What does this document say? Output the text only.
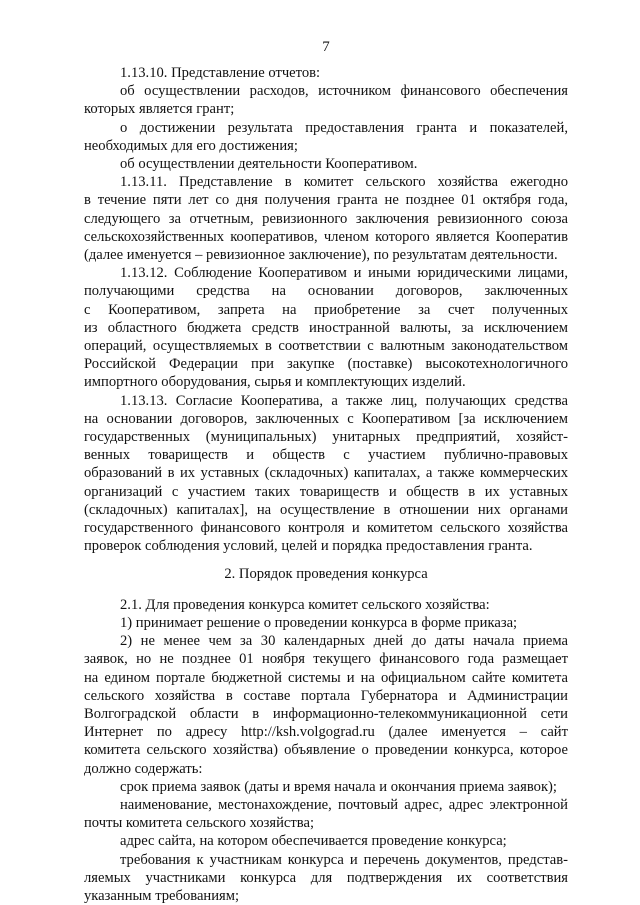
7
1.13.10. Представление отчетов:
об осуществлении расходов, источником финансового обеспечения
которых является грант;
о достижении результата предоставления гранта и показателей,
необходимых для его достижения;
об осуществлении деятельности Кооперативом.
1.13.11. Представление в комитет сельского хозяйства ежегодно
в течение пяти лет со дня получения гранта не позднее 01 октября года,
следующего за отчетным, ревизионного заключения ревизионного союза
сельскохозяйственных кооперативов, членом которого является Кооператив
(далее именуется – ревизионное заключение), по результатам деятельности.
1.13.12. Соблюдение Кооперативом и иными юридическими лицами,
получающими средства на основании договоров, заключенных
с Кооперативом, запрета на приобретение за счет полученных
из областного бюджета средств иностранной валюты, за исключением
операций, осуществляемых в соответствии с валютным законодательством
Российской Федерации при закупке (поставке) высокотехнологичного
импортного оборудования, сырья и комплектующих изделий.
1.13.13. Согласие Кооператива, а также лиц, получающих средства
на основании договоров, заключенных с Кооперативом [за исключением
государственных (муниципальных) унитарных предприятий, хозяйст-
венных товариществ и обществ с участием публично-правовых
образований в их уставных (складочных) капиталах, а также коммерческих
организаций с участием таких товариществ и обществ в их уставных
(складочных) капиталах], на осуществление в отношении них органами
государственного финансового контроля и комитетом сельского хозяйства
проверок соблюдения условий, целей и порядка предоставления гранта.
2. Порядок проведения конкурса
2.1. Для проведения конкурса комитет сельского хозяйства:
1) принимает решение о проведении конкурса в форме приказа;
2) не менее чем за 30 календарных дней до даты начала приема
заявок, но не позднее 01 ноября текущего финансового года размещает
на едином портале бюджетной системы и на официальном сайте комитета
сельского хозяйства в составе портала Губернатора и Администрации
Волгоградской области в информационно-телекоммуникационной сети
Интернет по адресу http://ksh.volgograd.ru (далее именуется – сайт
комитета сельского хозяйства) объявление о проведении конкурса, которое
должно содержать:
срок приема заявок (даты и время начала и окончания приема заявок);
наименование, местонахождение, почтовый адрес, адрес электронной
почты комитета сельского хозяйства;
адрес сайта, на котором обеспечивается проведение конкурса;
требования к участникам конкурса и перечень документов, представ-
ляемых участниками конкурса для подтверждения их соответствия
указанным требованиям;
